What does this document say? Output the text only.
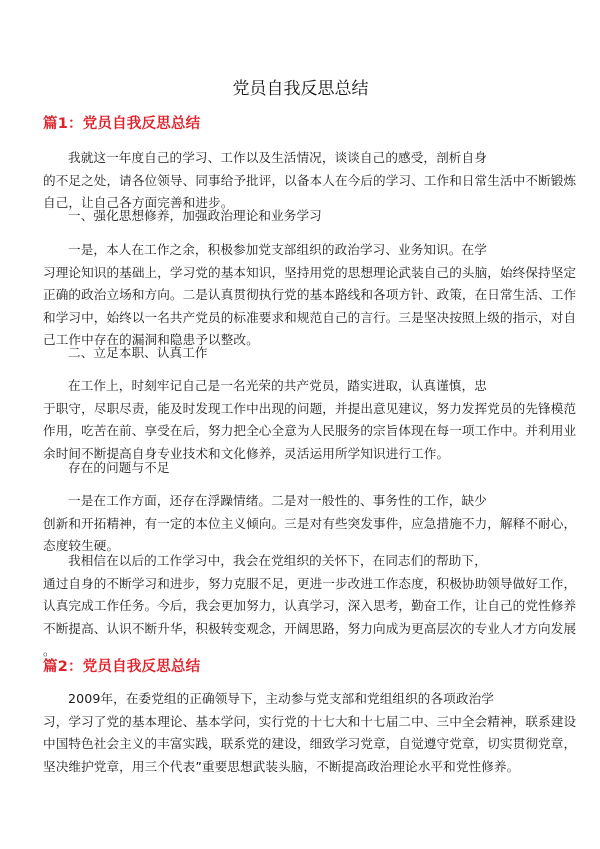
党员自我反思总结
篇1：党员自我反思总结

我就这一年度自己的学习、工作以及生活情况，谈谈自己的感受，剖析自身
的不足之处，请各位领导、同事给予批评，以备本人在今后的学习、工作和日常生活中不断锻炼
自己，让自己各方面完善和进步。

一、强化思想修养，加强政治理论和业务学习

一是，本人在工作之余，积极参加党支部组织的政治学习、业务知识。在学
习理论知识的基础上，学习党的基本知识，坚持用党的思想理论武装自己的头脑，始终保持坚定
正确的政治立场和方向。二是认真贯彻执行党的基本路线和各项方针、政策，在日常生活、工作
和学习中，始终以一名共产党员的标准要求和规范自己的言行。三是坚决按照上级的指示，对自
己工作中存在的漏洞和隐患予以整改。

二、立足本职、认真工作

在工作上，时刻牢记自己是一名光荣的共产党员，踏实进取，认真谨慎，忠
于职守，尽职尽责，能及时发现工作中出现的问题，并提出意见建议，努力发挥党员的先锋模范
作用，吃苦在前、享受在后，努力把全心全意为人民服务的宗旨体现在每一项工作中。并利用业
余时间不断提高自身专业技术和文化修养，灵活运用所学知识进行工作。

存在的问题与不足

一是在工作方面，还存在浮躁情绪。二是对一般性的、事务性的工作，缺少
创新和开拓精神，有一定的本位主义倾向。三是对有些突发事件，应急措施不力，解释不耐心，
态度较生硬。

我相信在以后的工作学习中，我会在党组织的关怀下，在同志们的帮助下，
通过自身的不断学习和进步，努力克服不足，更进一步改进工作态度，积极协助领导做好工作，
认真完成工作任务。今后，我会更加努力，认真学习，深入思考，勤奋工作，让自己的党性修养
不断提高、认识不断升华，积极转变观念，开阔思路，努力向成为更高层次的专业人才方向发展
。

篇2：党员自我反思总结

2009年，在委党组的正确领导下，主动参与党支部和党组组织的各项政治学
习，学习了党的基本理论、基本学问，实行党的十七大和十七届二中、三中全会精神，联系建设
中国特色社会主义的丰富实践，联系党的建设，细致学习党章，自觉遵守党章，切实贯彻党章，
坚决维护党章，用三个代表”重要思想武装头脑，不断提高政治理论水平和党性修养。
